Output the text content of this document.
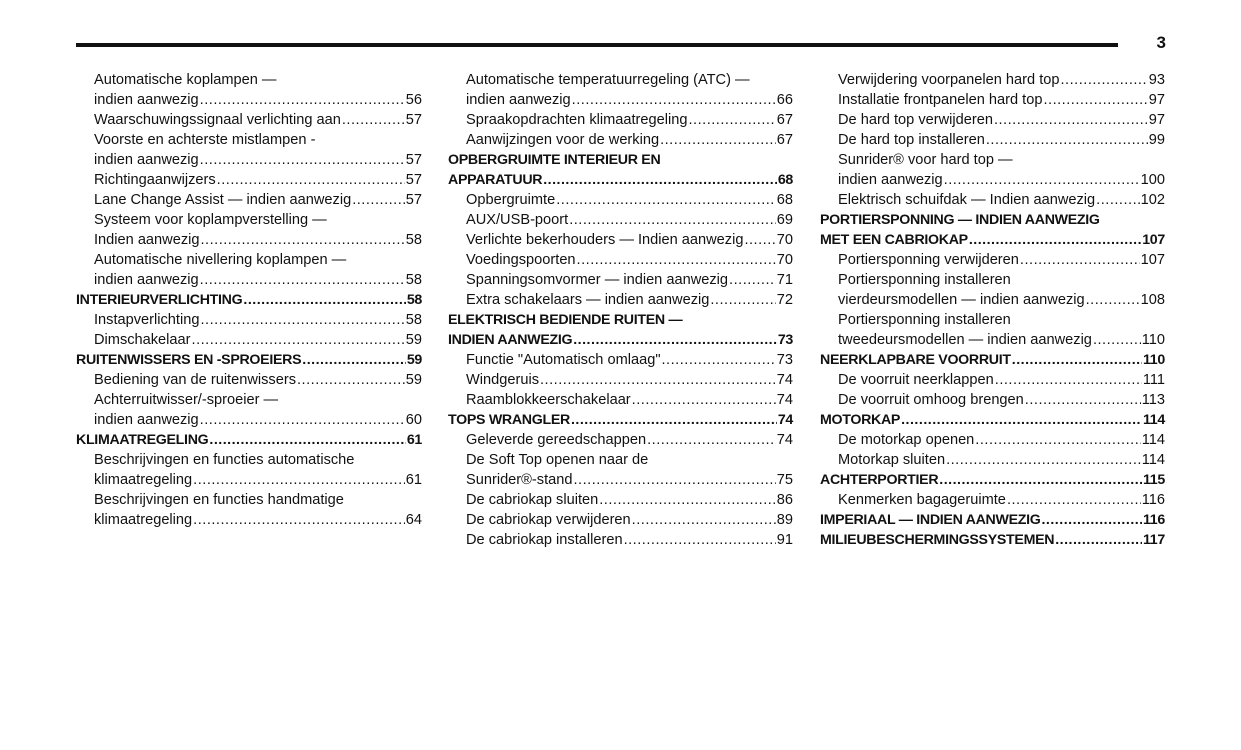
3
Automatische koplampen —
indien aanwezig .....	56
Waarschuwingssignaal verlichting aan .....	57
Voorste en achterste mistlampen -
indien aanwezig .....	57
Richtingaanwijzers .....	57
Lane Change Assist — indien aanwezig .....	57
Systeem voor koplampverstelling —
Indien aanwezig .....	58
Automatische nivellering koplampen —
indien aanwezig .....	58
INTERIEURVERLICHTING .....	58
Instapverlichting .....	58
Dimschakelaar .....	59
RUITENWISSERS EN -SPROEIERS .....	59
Bediening van de ruitenwissers .....	59
Achterruitwisser/-sproeier —
indien aanwezig .....	60
KLIMAATREGELING .....	61
Beschrijvingen en functies automatische
klimaatregeling .....	61
Beschrijvingen en functies handmatige
klimaatregeling .....	64
Automatische temperatuurregeling (ATC) —
indien aanwezig .....	66
Spraakopdrachten klimaatregeling .....	67
Aanwijzingen voor de werking .....	67
OPBERGRUIMTE INTERIEUR EN
APPARATUUR .....	68
Opbergruimte .....	68
AUX/USB-poort .....	69
Verlichte bekerhouders — Indien aanwezig ..... 70
Voedingspoorten .....	70
Spanningsomvormer — indien aanwezig .....	71
Extra schakelaars — indien aanwezig .....	72
ELEKTRISCH BEDIENDE RUITEN —
INDIEN AANWEZIG .....	73
Functie "Automatisch omlaag" .....	73
Windgeruis .....	74
Raamblokkeerschakelaar .....	74
TOPS WRANGLER .....	74
Geleverde gereedschappen .....	74
De Soft Top openen naar de
Sunrider®-stand .....	75
De cabriokap sluiten .....	86
De cabriokap verwijderen .....	89
De cabriokap installeren .....	91
Verwijdering voorpanelen hard top .....	93
Installatie frontpanelen hard top .....	97
De hard top verwijderen .....	97
De hard top installeren .....	99
Sunrider® voor hard top —
indien aanwezig .....	100
Elektrisch schuifdak — Indien aanwezig .....	102
PORTIERSPONNING — INDIEN AANWEZIG
MET EEN CABRIOKAP .....	107
Portiersponning verwijderen .....	107
Portiersponning installeren
vierdeursmodellen — indien aanwezig .....	108
Portiersponning installeren
tweedeursmodellen — indien aanwezig .....	110
NEERKLAPBARE VOORRUIT .....	110
De voorruit neerklappen .....	111
De voorruit omhoog brengen .....	113
MOTORKAP .....	114
De motorkap openen .....	114
Motorkap sluiten .....	114
ACHTERPORTIER .....	115
Kenmerken bagageruimte .....	116
IMPERIAAL — INDIEN AANWEZIG .....	116
MILIEUBESCHERMINGSSYSTEMEN .....	117
